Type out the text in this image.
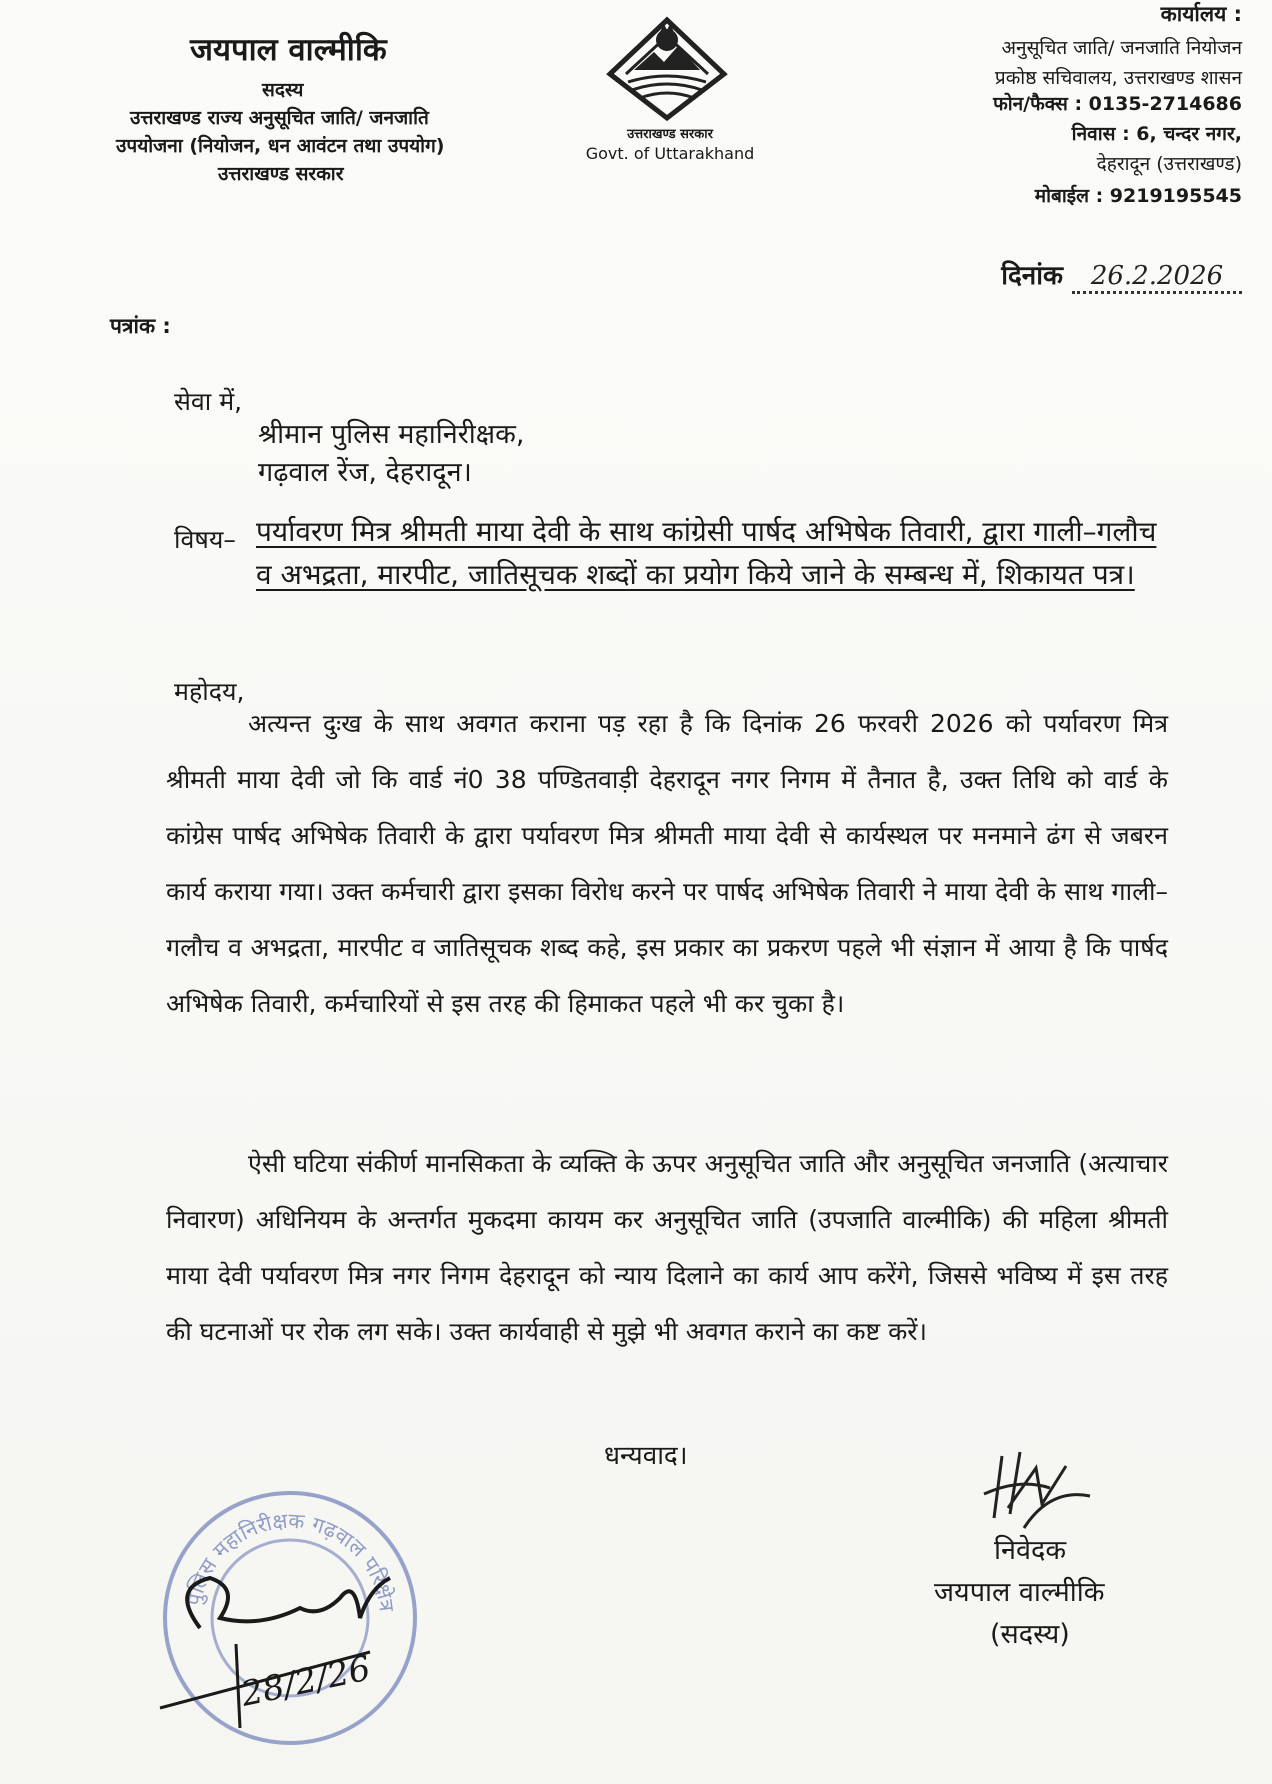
जयपाल वाल्मीकि
सदस्य
उत्तराखण्ड राज्य अनुसूचित जाति/ जनजाति
उपयोजना (नियोजन, धन आवंटन तथा उपयोग)
उत्तराखण्ड सरकार
उत्तराखण्ड सरकार
Govt. of Uttarakhand
कार्यालय :
अनुसूचित जाति/ जनजाति नियोजन
प्रकोष्ठ सचिवालय, उत्तराखण्ड शासन
फोन/फैक्स : 0135-2714686
निवास : 6, चन्दर नगर,
देहरादून (उत्तराखण्ड)
मोबाईल : 9219195545
दिनांक 26.2.2026
पत्रांक :
सेवा में,
श्रीमान पुलिस महानिरीक्षक,
गढ़वाल रेंज, देहरादून।
विषय– पर्यावरण मित्र श्रीमती माया देवी के साथ कांग्रेसी पार्षद अभिषेक तिवारी, द्वारा गाली–गलौच व अभद्रता, मारपीट, जातिसूचक शब्दों का प्रयोग किये जाने के सम्बन्ध में, शिकायत पत्र।
महोदय,
अत्यन्त दुःख के साथ अवगत कराना पड़ रहा है कि दिनांक 26 फरवरी 2026 को पर्यावरण मित्र श्रीमती माया देवी जो कि वार्ड नं0 38 पण्डितवाड़ी देहरादून नगर निगम में तैनात है, उक्त तिथि को वार्ड के कांग्रेस पार्षद अभिषेक तिवारी के द्वारा पर्यावरण मित्र श्रीमती माया देवी से कार्यस्थल पर मनमाने ढंग से जबरन कार्य कराया गया। उक्त कर्मचारी द्वारा इसका विरोध करने पर पार्षद अभिषेक तिवारी ने माया देवी के साथ गाली–गलौच व अभद्रता, मारपीट व जातिसूचक शब्द कहे, इस प्रकार का प्रकरण पहले भी संज्ञान में आया है कि पार्षद अभिषेक तिवारी, कर्मचारियों से इस तरह की हिमाकत पहले भी कर चुका है।
ऐसी घटिया संकीर्ण मानसिकता के व्यक्ति के ऊपर अनुसूचित जाति और अनुसूचित जनजाति (अत्याचार निवारण) अधिनियम के अन्तर्गत मुकदमा कायम कर अनुसूचित जाति (उपजाति वाल्मीकि) की महिला श्रीमती माया देवी पर्यावरण मित्र नगर निगम देहरादून को न्याय दिलाने का कार्य आप करेंगे, जिससे भविष्य में इस तरह की घटनाओं पर रोक लग सके। उक्त कार्यवाही से मुझे भी अवगत कराने का कष्ट करें।
धन्यवाद।
निवेदक
जयपाल वाल्मीकि
(सदस्य)
पुलिस महानिरीक्षक गढ़वाल परिक्षेत्र
28/2/26
